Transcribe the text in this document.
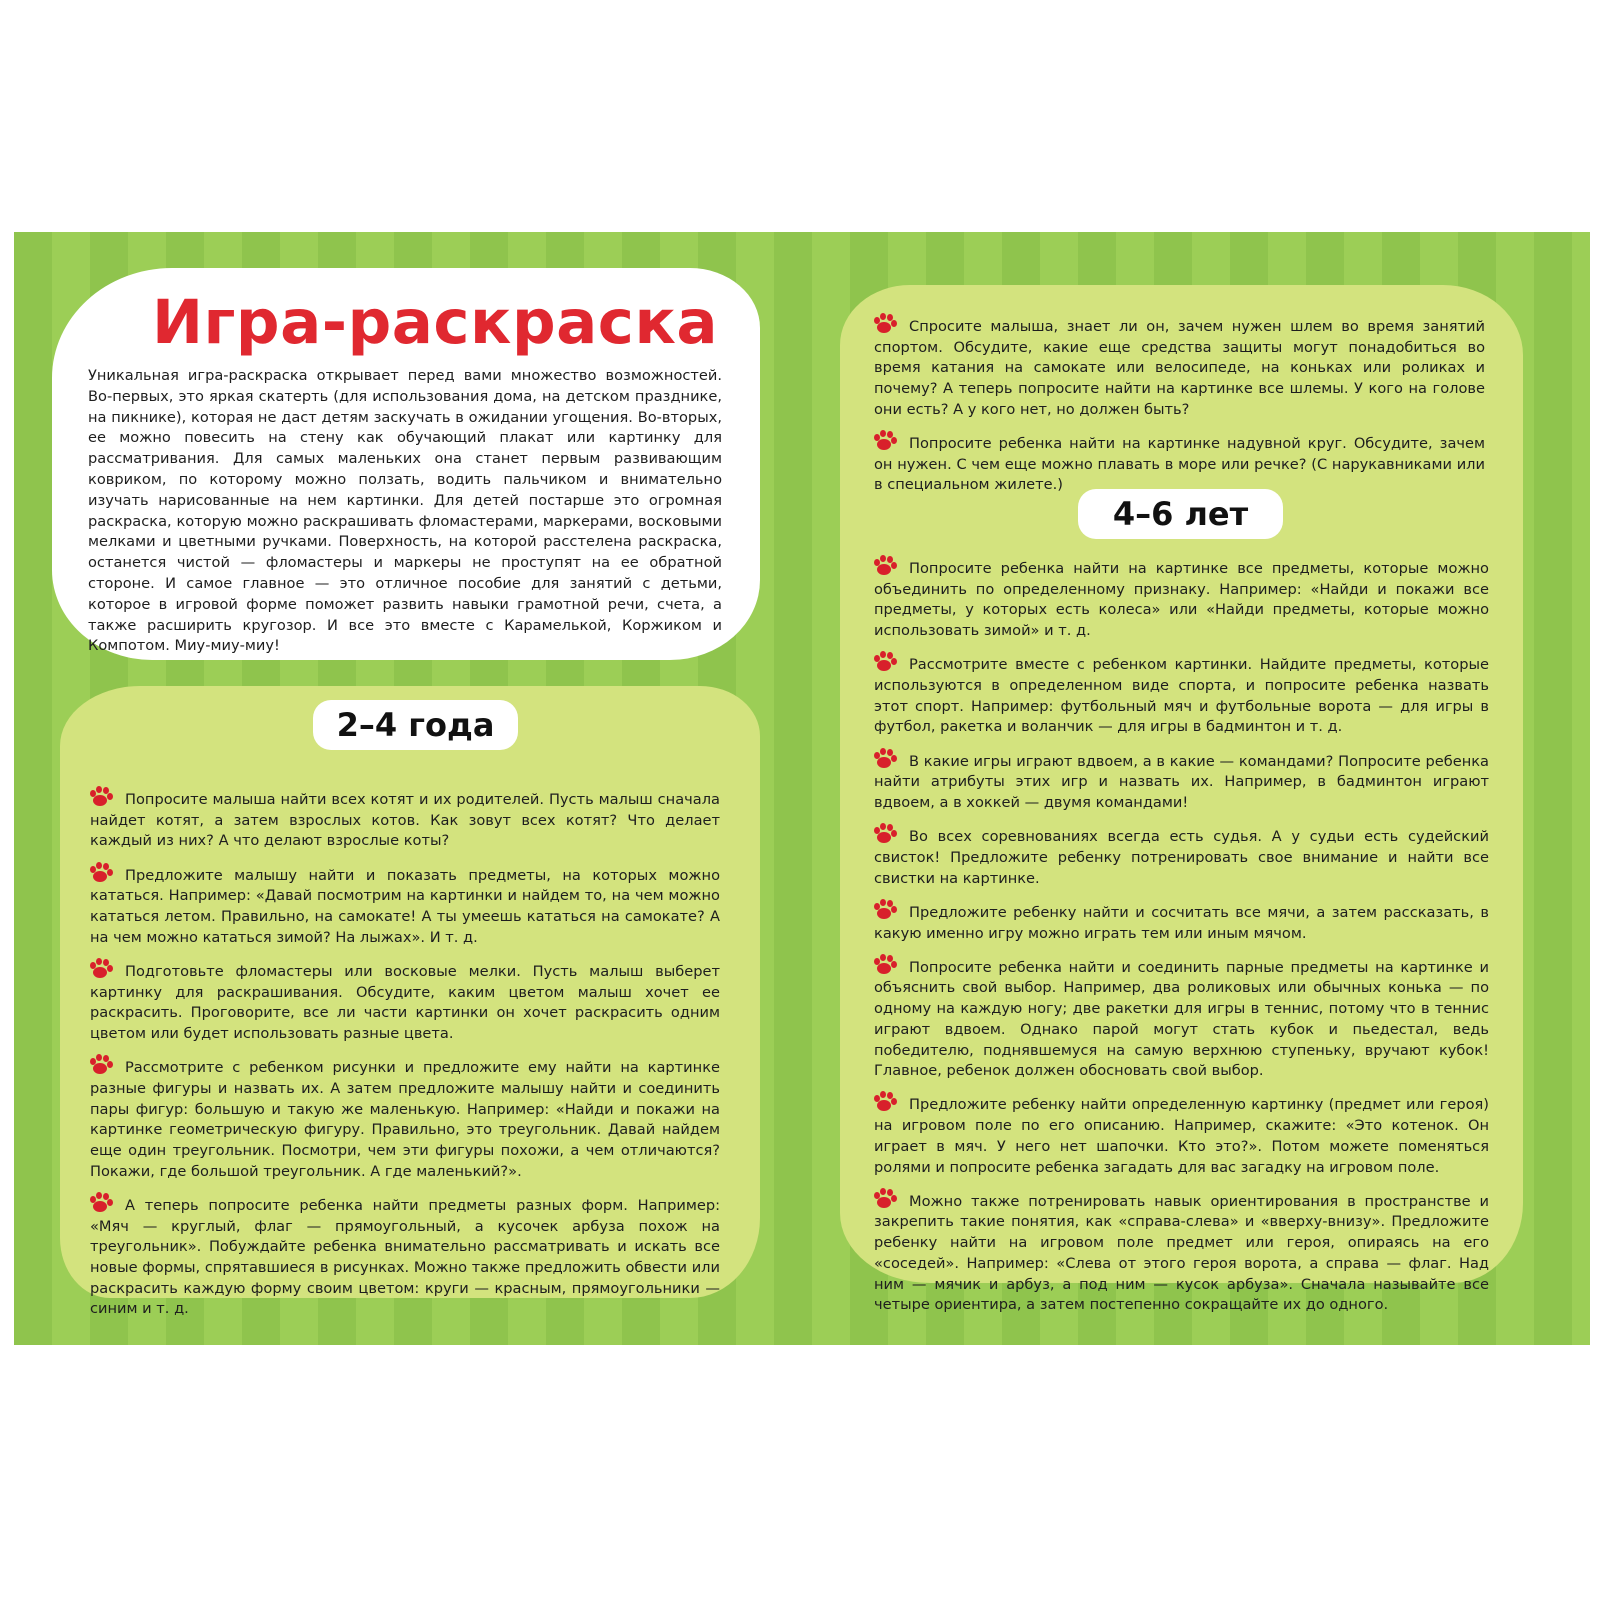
Уникальная игра-раскраска открывает перед вами множество возможностей. Во-первых, это яркая скатерть (для использования дома, на детском празднике, на пикнике), которая не даст детям заскучать в ожидании угощения. Во-вторых, ее можно повесить на стену как обучающий плакат или картинку для рассматривания. Для самых маленьких она станет первым развивающим ковриком, по которому можно ползать, водить пальчиком и внимательно изучать нарисованные на нем картинки. Для детей постарше это огромная раскраска, которую можно раскрашивать фломастерами, маркерами, восковыми мелками и цветными ручками. Поверхность, на которой расстелена раскраска, останется чистой — фломастеры и маркеры не проступят на ее обратной стороне. И самое главное — это отличное пособие для занятий с детьми, которое в игровой форме поможет развить навыки грамотной речи, счета, а также расширить кругозор. И все это вместе с Карамелькой, Коржиком и Компотом. Миу-миу-миу!

Игра-раскраска
Попросите малыша найти всех котят и их родителей. Пусть малыш сначала найдет котят, а затем взрослых котов. Как зовут всех котят? Что делает каждый из них? А что делают взрослые коты?
Предложите малышу найти и показать предметы, на которых можно кататься. Например: «Давай посмотрим на картинки и найдем то, на чем можно кататься летом. Правильно, на самокате! А ты умеешь кататься на самокате? А на чем можно кататься зимой? На лыжах». И т. д.
Подготовьте фломастеры или восковые мелки. Пусть малыш выберет картинку для раскрашивания. Обсудите, каким цветом малыш хочет ее раскрасить. Проговорите, все ли части картинки он хочет раскрасить одним цветом или будет использовать разные цвета.
Рассмотрите с ребенком рисунки и предложите ему найти на картинке разные фигуры и назвать их. А затем предложите малышу найти и соединить пары фигур: большую и такую же маленькую. Например: «Найди и покажи на картинке геометрическую фигуру. Правильно, это треугольник. Давай найдем еще один треугольник. Посмотри, чем эти фигуры похожи, а чем отличаются? Покажи, где большой треугольник. А где маленький?».
А теперь попросите ребенка найти предметы разных форм. Например: «Мяч — круглый, флаг — прямоугольный, а кусочек арбуза похож на треугольник». Побуждайте ребенка внимательно рассматривать и искать все новые формы, спрятавшиеся в рисунках. Можно также предложить обвести или раскрасить каждую форму своим цветом: круги — красным, прямоугольники — синим и т. д.
2–4 года
Спросите малыша, знает ли он, зачем нужен шлем во время занятий спортом. Обсудите, какие еще средства защиты могут понадобиться во время катания на самокате или велосипеде, на коньках или роликах и почему? А теперь попросите найти на картинке все шлемы. У кого на голове они есть? А у кого нет, но должен быть?
Попросите ребенка найти на картинке надувной круг. Обсудите, зачем он нужен. С чем еще можно плавать в море или речке? (С нарукавниками или в специальном жилете.)
4–6 лет
Попросите ребенка найти на картинке все предметы, которые можно объединить по определенному признаку. Например: «Найди и покажи все предметы, у которых есть колеса» или «Найди предметы, которые можно использовать зимой» и т. д.
Рассмотрите вместе с ребенком картинки. Найдите предметы, которые используются в определенном виде спорта, и попросите ребенка назвать этот спорт. Например: футбольный мяч и футбольные ворота — для игры в футбол, ракетка и воланчик — для игры в бадминтон и т. д.
В какие игры играют вдвоем, а в какие — командами? Попросите ребенка найти атрибуты этих игр и назвать их. Например, в бадминтон играют вдвоем, а в хоккей — двумя командами!
Во всех соревнованиях всегда есть судья. А у судьи есть судейский свисток! Предложите ребенку потренировать свое внимание и найти все свистки на картинке.
Предложите ребенку найти и сосчитать все мячи, а затем рассказать, в какую именно игру можно играть тем или иным мячом.
Попросите ребенка найти и соединить парные предметы на картинке и объяснить свой выбор. Например, два роликовых или обычных конька — по одному на каждую ногу; две ракетки для игры в теннис, потому что в теннис играют вдвоем. Однако парой могут стать кубок и пьедестал, ведь победителю, поднявшемуся на самую верхнюю ступеньку, вручают кубок! Главное, ребенок должен обосновать свой выбор.
Предложите ребенку найти определенную картинку (предмет или героя) на игровом поле по его описанию. Например, скажите: «Это котенок. Он играет в мяч. У него нет шапочки. Кто это?». Потом можете поменяться ролями и попросите ребенка загадать для вас загадку на игровом поле.
Можно также потренировать навык ориентирования в пространстве и закрепить такие понятия, как «справа-слева» и «вверху-внизу». Предложите ребенку найти на игровом поле предмет или героя, опираясь на его «соседей». Например: «Слева от этого героя ворота, а справа — флаг. Над ним — мячик и арбуз, а под ним — кусок арбуза». Сначала называйте все четыре ориентира, а затем постепенно сокращайте их до одного.
